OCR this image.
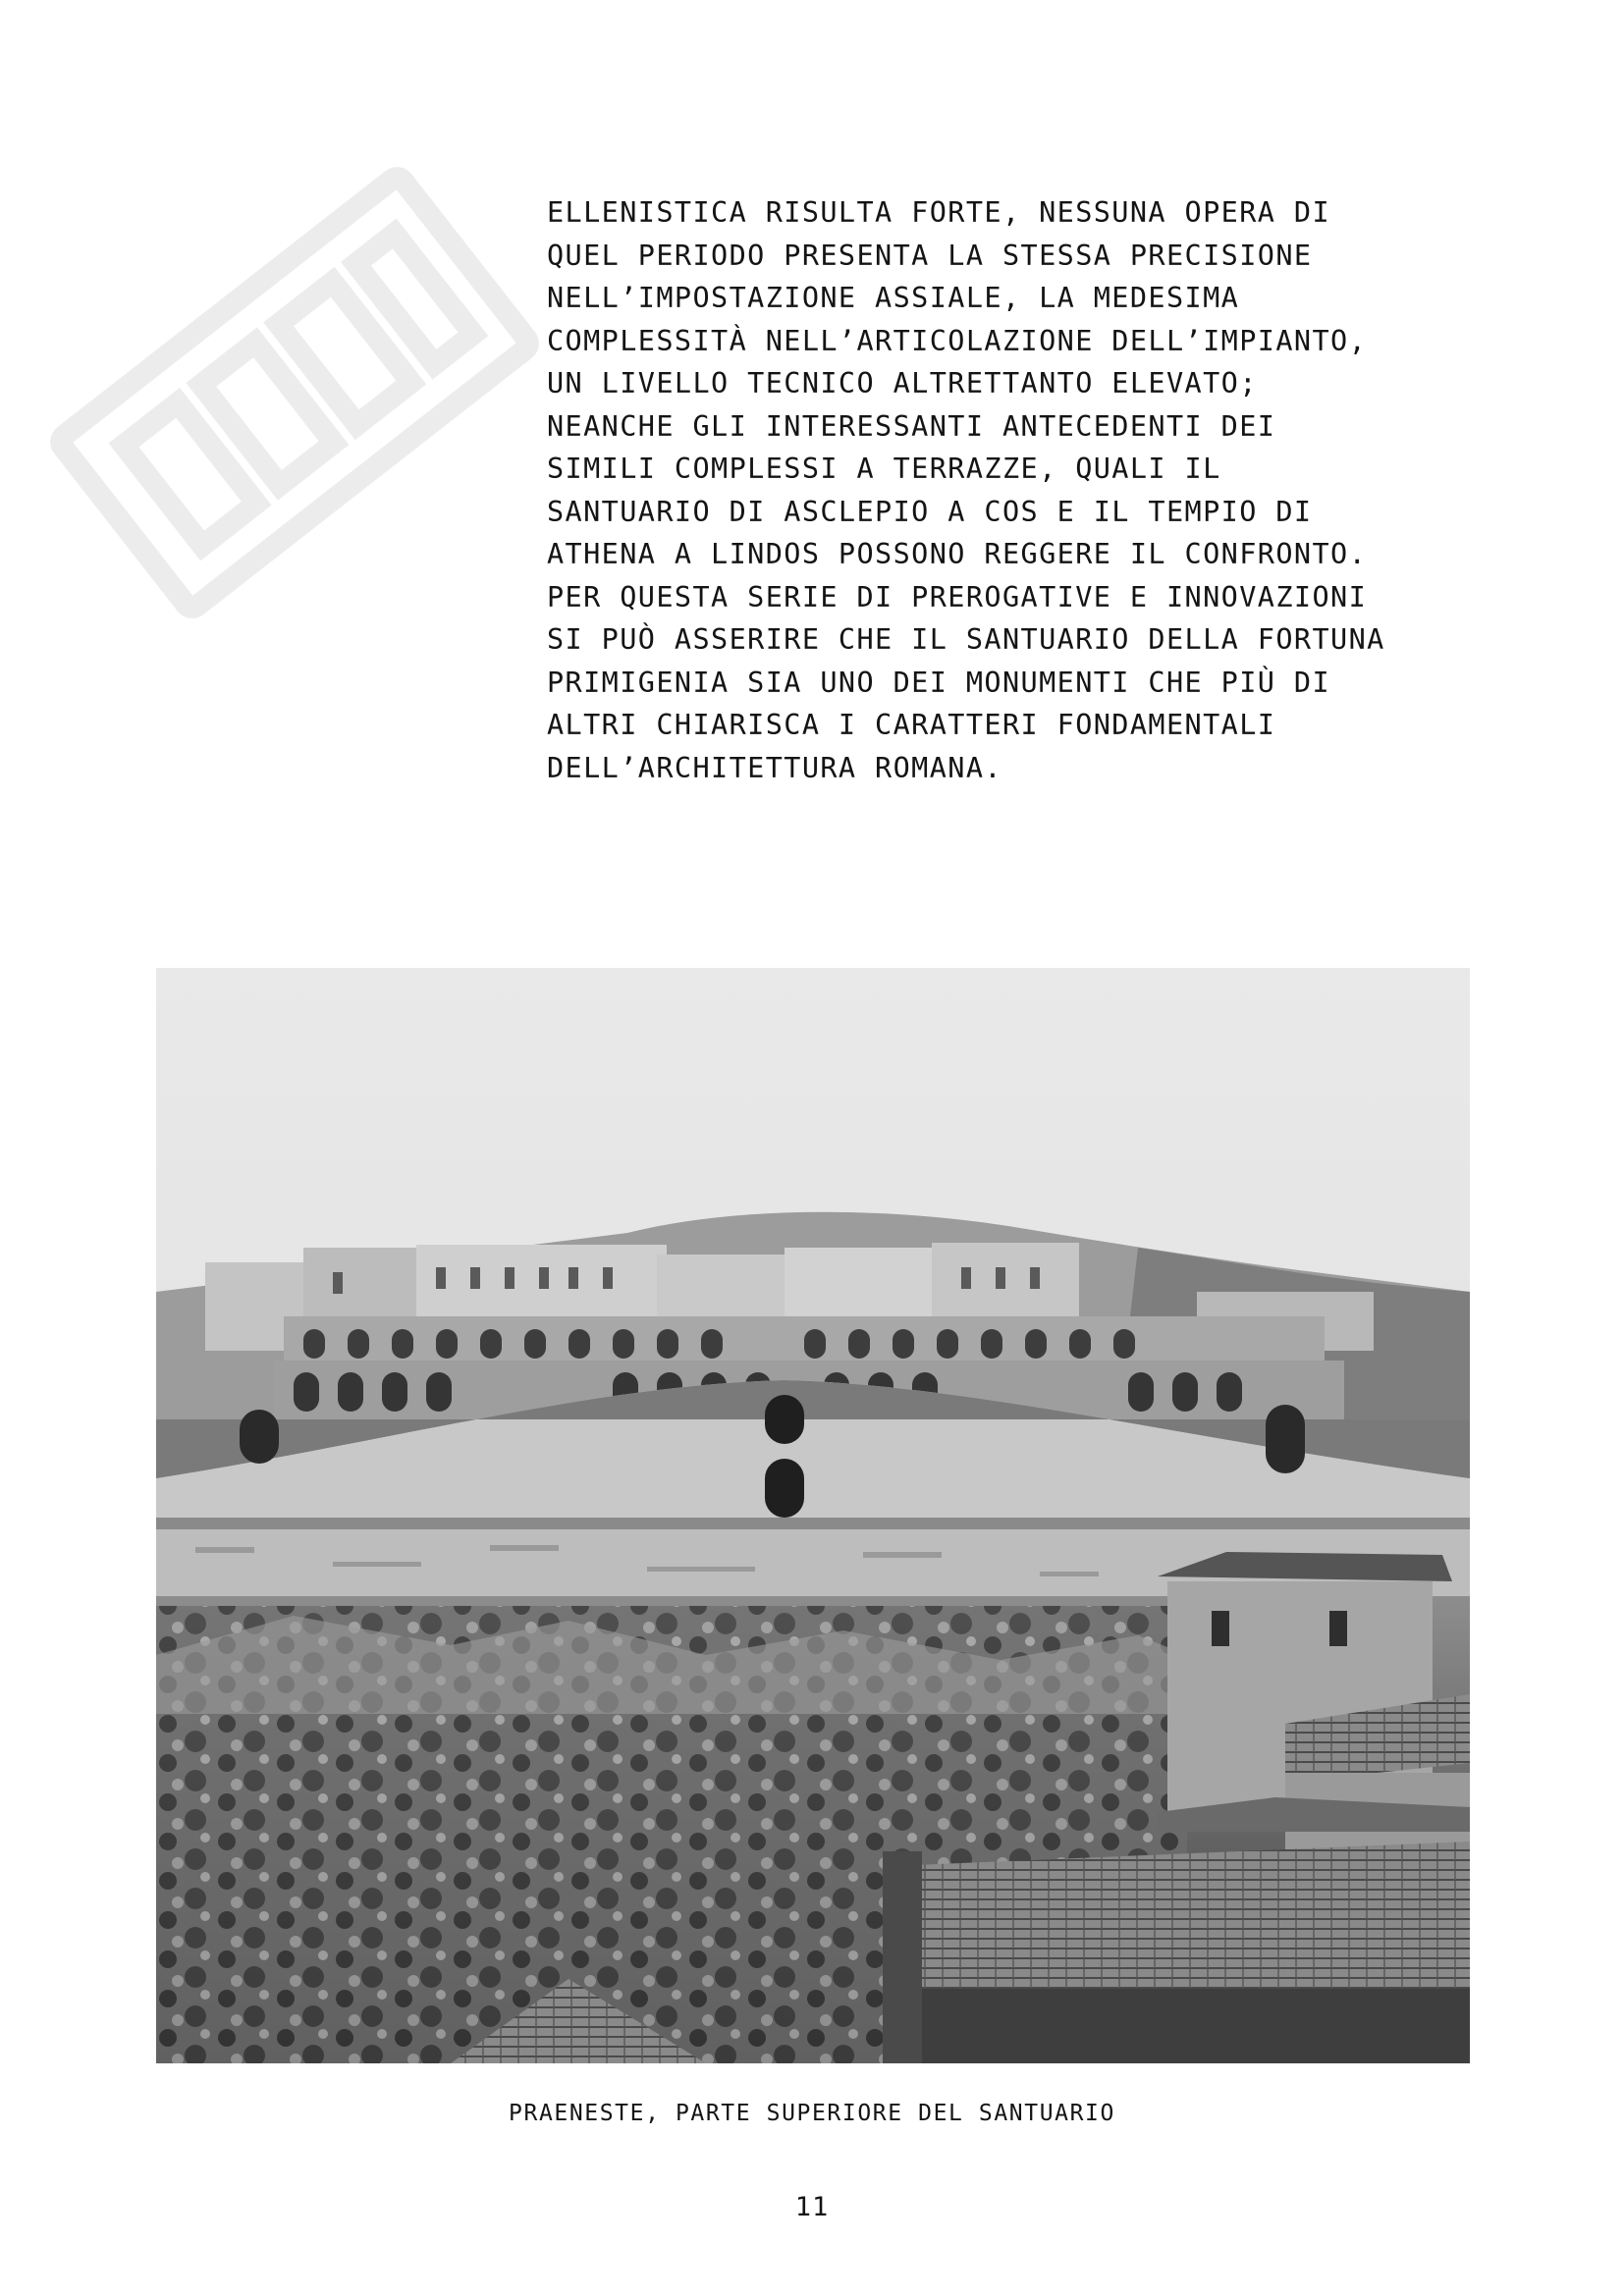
ELLENISTICA RISULTA FORTE, NESSUNA OPERA DI
QUEL PERIODO PRESENTA LA STESSA PRECISIONE
NELL’IMPOSTAZIONE ASSIALE, LA MEDESIMA
COMPLESSITÀ NELL’ARTICOLAZIONE DELL’IMPIANTO,
UN LIVELLO TECNICO ALTRETTANTO ELEVATO;
NEANCHE GLI INTERESSANTI ANTECEDENTI DEI
SIMILI COMPLESSI A TERRAZZE, QUALI IL
SANTUARIO DI ASCLEPIO A COS E IL TEMPIO DI
ATHENA A LINDOS POSSONO REGGERE IL CONFRONTO.
PER QUESTA SERIE DI PREROGATIVE E INNOVAZIONI
SI PUÒ ASSERIRE CHE IL SANTUARIO DELLA FORTUNA
PRIMIGENIA SIA UNO DEI MONUMENTI CHE PIÙ DI
ALTRI CHIARISCA I CARATTERI FONDAMENTALI
DELL’ARCHITETTURA ROMANA.
PRAENESTE, PARTE SUPERIORE DEL SANTUARIO
11
